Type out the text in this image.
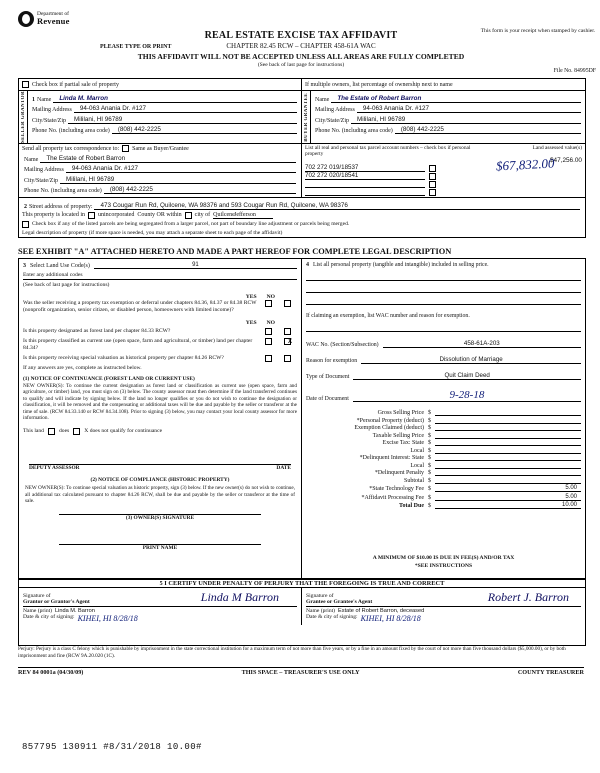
Department of
Revenue
PLEASE TYPE OR PRINT
REAL ESTATE EXCISE TAX AFFIDAVIT
CHAPTER 82.45 RCW – CHAPTER 458-61A WAC
THIS AFFIDAVIT WILL NOT BE ACCEPTED UNLESS ALL AREAS ARE FULLY COMPLETED
(See back of last page for instructions)
This form is your receipt when stamped by cashier.
File No. 84995DF
Check box if partial sale of property	If multiple owners, list percentage of ownership next to name
SELLER GRANTOR 1 Name	Linda M. Marron
Mailing Address	94-063 Anania Dr. #127
City/State/Zip	Mililani, HI 96789
Phone No. (including area code)	(808) 442-2225	BUYER GRANTEE Name	The Estate of Robert Barron
Mailing Address	94-063 Anania Dr. #127
City/State/Zip	Mililani, HI 96789
Phone No. (including area code)	(808) 442-2225
Send all property tax correspondence to: Same as Buyer/Grantee
Name	The Estate of Robert Barron
Mailing Address	94-063 Anania Dr. #127
City/State/Zip	Mililani, HI 96789
Phone No. (including area code)	(808) 442-2225
List all real and personal tax parcel account numbers – check box if personal property
Land assessed value(s)
$47,256.00
702 272 019/18537
702 272 020/18541
2 Street address of property:	473 Cougar Run Rd, Quilcene, WA 98376 and 593 Cougar Run Rd, Quilcene, WA 98376
This property is located in unincorporated County OR within city of Quilcene Jefferson
Check box if any of the listed parcels are being segregated from a larger parcel, not part of boundary line adjustment or parcels being merged.
Legal description of property (if more space is needed, you may attach a separate sheet to each page of the affidavit)
SEE EXHIBIT "A" ATTACHED HERETO AND MADE A PART HEREOF FOR COMPLETE LEGAL DESCRIPTION
3 Select Land Use Code(s)	91
Enter any additional codes
(See back of last page for instructions)
YES NO
Was the seller receiving a property tax exemption or deferral under chapters 84.36, 84.37 or 84.38 RCW (nonprofit organization, senior citizen, or disabled person, homeowners with limited income)?
X
YES NO
Is this property designated as forest land per chapter 84.33 RCW?
Is this property classified as current use (open space, farm and agricultural, or timber) land per chapter 84.34?
Is this property receiving special valuation as historical property per chapter 84.26 RCW?
If any answers are yes, complete as instructed below.
(1) NOTICE OF CONTINUANCE (FOREST LAND OR CURRENT USE)
NEW OWNER(S): To continue the current designation as forest land or classification as current use (open space, farm and agriculture, or timber) land, you must sign on (3) below. The county assessor must then determine if the land transferred continues to qualify and will indicate by signing below. If the land no longer qualifies or you do not wish to continue the designation or classification, it will be removed and the compensating or additional taxes will be due and payable by the seller or transferor at the time of sale. (RCW 84.33.140 or RCW 84.34.108). Prior to signing (3) below, you may contact your local county assessor for more information.
This land	does	X does not qualify for continuance
DEPUTY ASSESSOR	DATE
(2) NOTICE OF COMPLIANCE (HISTORIC PROPERTY)
NEW OWNER(S): To continue special valuation as historic property, sign (3) below. If the new owner(s) do not wish to continue, all additional tax calculated pursuant to chapter 84.26 RCW, shall be due and payable by the seller or transferor at the time of sale.
(3) OWNER(S) SIGNATURE
PRINT NAME
4 List all personal property (tangible and intangible) included in selling price.
If claiming an exemption, list WAC number and reason for exemption.
WAC No. (Section/Subsection)	458-61A-203
Reason for exemption	Dissolution of Marriage
Type of Document	Quit Claim Deed
Date of Document	9-28-18
Gross Selling Price $
*Personal Property (deduct) $
Exemption Claimed (deduct) $
Taxable Selling Price $
Excise Tax: State $
Local $
*Delinquent Interest: State $
Local $
*Delinquent Penalty $
Subtotal $
*State Technology Fee $	5.00
*Affidavit Processing Fee $	5.00
Total Due $	10.00
A MINIMUM OF $10.00 IS DUE IN FEE(S) AND/OR TAX
*SEE INSTRUCTIONS
$67,832.00
5 I CERTIFY UNDER PENALTY OF PERJURY THAT THE FOREGOING IS TRUE AND CORRECT
Signature of
Grantor or Grantor's Agent	Linda M Barron
Name (print) Linda M. Barron
Date & city of signing: KIHEI, HI 8/28/18
Signature of
Grantee or Grantee's Agent	Robert J. Barron
Name (print) Estate of Robert Barron, deceased
Date & city of signing: KIHEI, HI 8/28/18
Perjury: Perjury is a class C felony which is punishable by imprisonment in the state correctional institution for a maximum term of not more than five years, or by a fine in an amount fixed by the court of not more than five thousand dollars ($5,000.00), or by both imprisonment and fine (RCW 9A.20.020 (1C).
REV 84 0001a (04/30/09)	THIS SPACE – TREASURER'S USE ONLY	COUNTY TREASURER
857795 130911 #8/31/2018 10.00#
